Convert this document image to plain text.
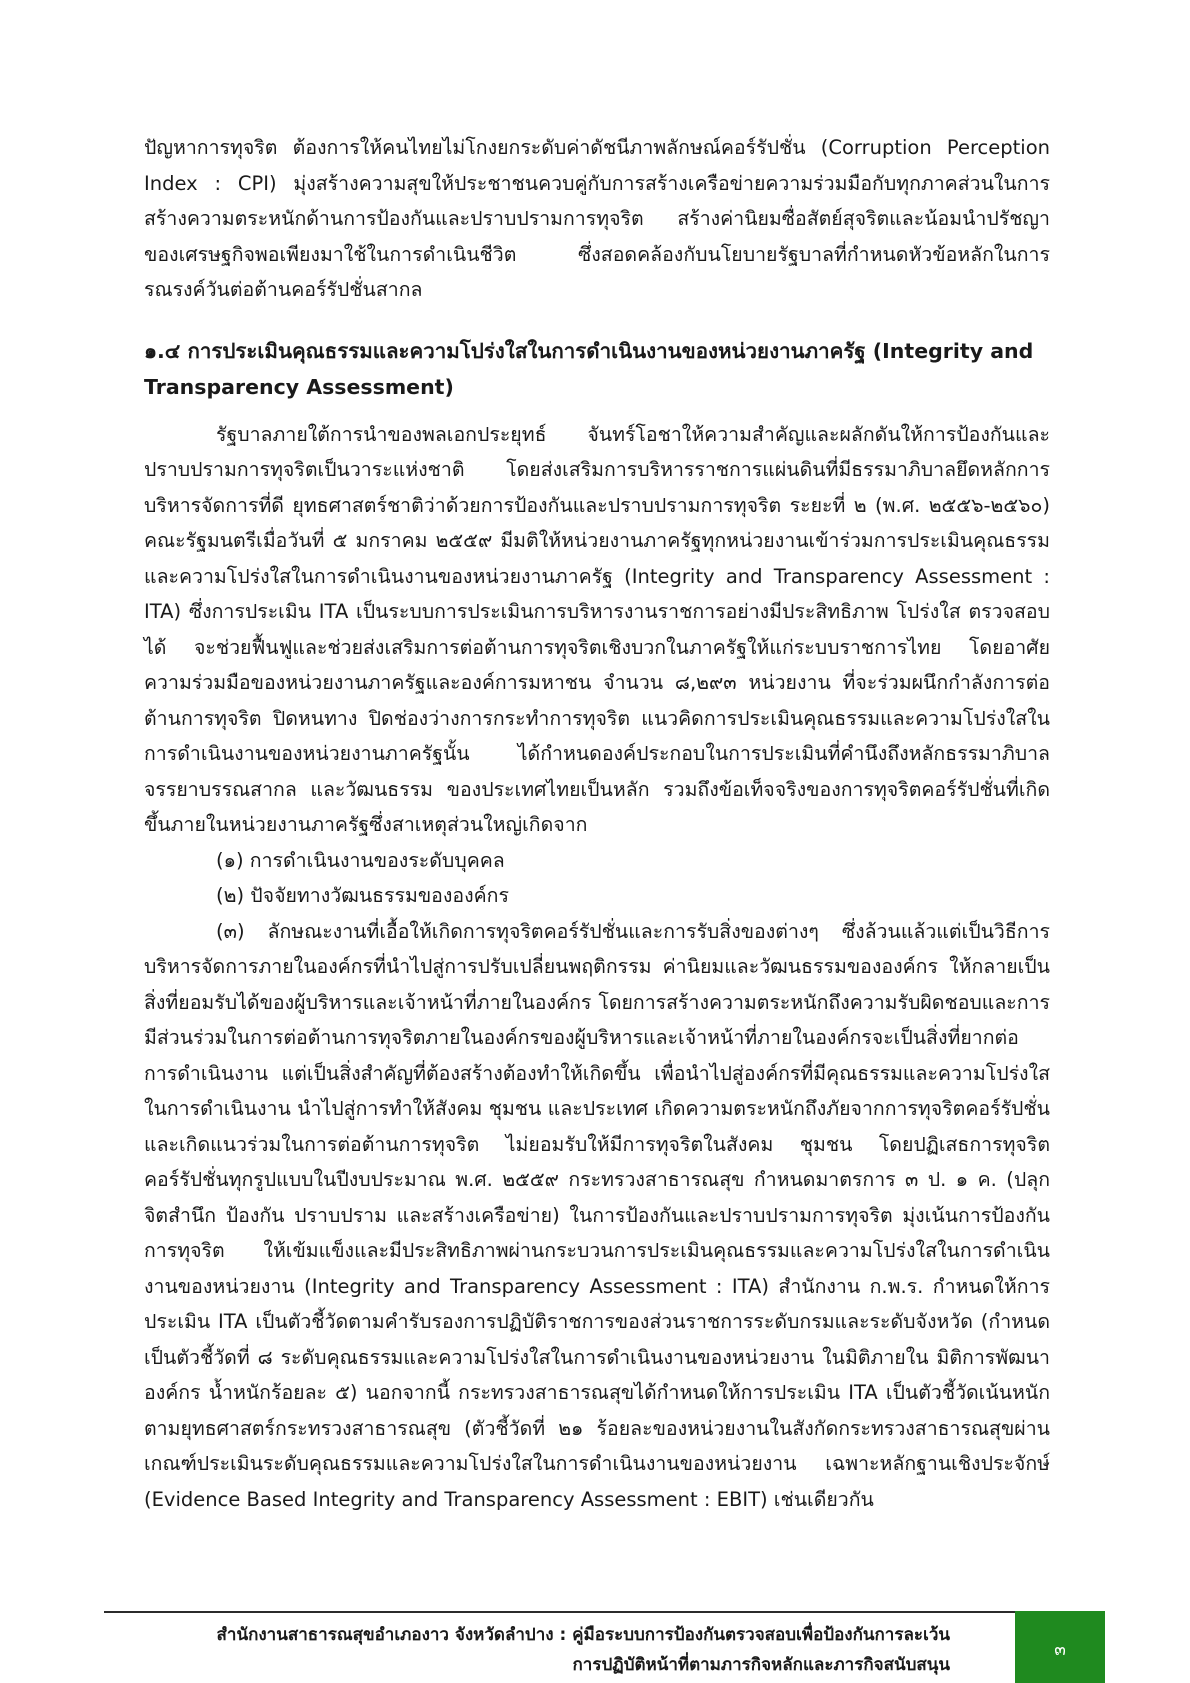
ปัญหาการทุจริต ต้องการให้คนไทยไม่โกงยกระดับค่าดัชนีภาพลักษณ์คอร์รัปชั่น (Corruption Perception Index : CPI) มุ่งสร้างความสุขให้ประชาชนควบคู่กับการสร้างเครือข่ายความร่วมมือกับทุกภาคส่วนในการสร้างความตระหนักด้านการป้องกันและปราบปรามการทุจริต สร้างค่านิยมซื่อสัตย์สุจริตและน้อมนำปรัชญาของเศรษฐกิจพอเพียงมาใช้ในการดำเนินชีวิต ซึ่งสอดคล้องกับนโยบายรัฐบาลที่กำหนดหัวข้อหลักในการรณรงค์วันต่อต้านคอร์รัปชั่นสากล

๑.๔ การประเมินคุณธรรมและความโปร่งใสในการดำเนินงานของหน่วยงานภาครัฐ (Integrity and Transparency Assessment)

รัฐบาลภายใต้การนำของพลเอกประยุทธ์ จันทร์โอชาให้ความสำคัญและผลักดันให้การป้องกันและปราบปรามการทุจริตเป็นวาระแห่งชาติ โดยส่งเสริมการบริหารราชการแผ่นดินที่มีธรรมาภิบาลยึดหลักการบริหารจัดการที่ดี ยุทธศาสตร์ชาติว่าด้วยการป้องกันและปราบปรามการทุจริต ระยะที่ ๒ (พ.ศ. ๒๕๕๖-๒๕๖๐) คณะรัฐมนตรีเมื่อวันที่ ๕ มกราคม ๒๕๕๙ มีมติให้หน่วยงานภาครัฐทุกหน่วยงานเข้าร่วมการประเมินคุณธรรมและความโปร่งใสในการดำเนินงานของหน่วยงานภาครัฐ (Integrity and Transparency Assessment : ITA) ซึ่งการประเมิน ITA เป็นระบบการประเมินการบริหารงานราชการอย่างมีประสิทธิภาพ โปร่งใส ตรวจสอบได้ จะช่วยฟื้นฟูและช่วยส่งเสริมการต่อต้านการทุจริตเชิงบวกในภาครัฐให้แก่ระบบราชการไทย โดยอาศัยความร่วมมือของหน่วยงานภาครัฐและองค์การมหาชน จำนวน ๘,๒๙๓ หน่วยงาน ที่จะร่วมผนึกกำลังการต่อต้านการทุจริต ปิดหนทาง ปิดช่องว่างการกระทำการทุจริต แนวคิดการประเมินคุณธรรมและความโปร่งใสในการดำเนินงานของหน่วยงานภาครัฐนั้น ได้กำหนดองค์ประกอบในการประเมินที่คำนึงถึงหลักธรรมาภิบาล จรรยาบรรณสากล และวัฒนธรรม ของประเทศไทยเป็นหลัก รวมถึงข้อเท็จจริงของการทุจริตคอร์รัปชั่นที่เกิดขึ้นภายในหน่วยงานภาครัฐซึ่งสาเหตุส่วนใหญ่เกิดจาก

(๑) การดำเนินงานของระดับบุคคล

(๒) ปัจจัยทางวัฒนธรรมขององค์กร

(๓) ลักษณะงานที่เอื้อให้เกิดการทุจริตคอร์รัปชั่นและการรับสิ่งของต่างๆ ซึ่งล้วนแล้วแต่เป็นวิธีการบริหารจัดการภายในองค์กรที่นำไปสู่การปรับเปลี่ยนพฤติกรรม ค่านิยมและวัฒนธรรมขององค์กร ให้กลายเป็นสิ่งที่ยอมรับได้ของผู้บริหารและเจ้าหน้าที่ภายในองค์กร โดยการสร้างความตระหนักถึงความรับผิดชอบและการมีส่วนร่วมในการต่อต้านการทุจริตภายในองค์กรของผู้บริหารและเจ้าหน้าที่ภายในองค์กรจะเป็นสิ่งที่ยากต่อการดำเนินงาน แต่เป็นสิ่งสำคัญที่ต้องสร้างต้องทำให้เกิดขึ้น เพื่อนำไปสู่องค์กรที่มีคุณธรรมและความโปร่งใสในการดำเนินงาน นำไปสู่การทำให้สังคม ชุมชน และประเทศ เกิดความตระหนักถึงภัยจากการทุจริตคอร์รัปชั่น และเกิดแนวร่วมในการต่อต้านการทุจริต ไม่ยอมรับให้มีการทุจริตในสังคม ชุมชน โดยปฏิเสธการทุจริตคอร์รัปชั่นทุกรูปแบบในปีงบประมาณ พ.ศ. ๒๕๕๙ กระทรวงสาธารณสุข กำหนดมาตรการ ๓ ป. ๑ ค. (ปลุกจิตสำนึก ป้องกัน ปราบปราม และสร้างเครือข่าย) ในการป้องกันและปราบปรามการทุจริต มุ่งเน้นการป้องกันการทุจริต ให้เข้มแข็งและมีประสิทธิภาพผ่านกระบวนการประเมินคุณธรรมและความโปร่งใสในการดำเนินงานของหน่วยงาน (Integrity and Transparency Assessment : ITA) สำนักงาน ก.พ.ร. กำหนดให้การประเมิน ITA เป็นตัวชี้วัดตามคำรับรองการปฏิบัติราชการของส่วนราชการระดับกรมและระดับจังหวัด (กำหนดเป็นตัวชี้วัดที่ ๘ ระดับคุณธรรมและความโปร่งใสในการดำเนินงานของหน่วยงาน ในมิติภายใน มิติการพัฒนาองค์กร น้ำหนักร้อยละ ๕) นอกจากนี้ กระทรวงสาธารณสุขได้กำหนดให้การประเมิน ITA เป็นตัวชี้วัดเน้นหนักตามยุทธศาสตร์กระทรวงสาธารณสุข (ตัวชี้วัดที่ ๒๑ ร้อยละของหน่วยงานในสังกัดกระทรวงสาธารณสุขผ่านเกณฑ์ประเมินระดับคุณธรรมและความโปร่งใสในการดำเนินงานของหน่วยงาน เฉพาะหลักฐานเชิงประจักษ์ (Evidence Based Integrity and Transparency Assessment : EBIT) เช่นเดียวกัน

สำนักงานสาธารณสุขอำเภองาว จังหวัดลำปาง : คู่มือระบบการป้องกันตรวจสอบเพื่อป้องกันการละเว้น
การปฏิบัติหน้าที่ตามภารกิจหลักและภารกิจสนับสนุน
๓
